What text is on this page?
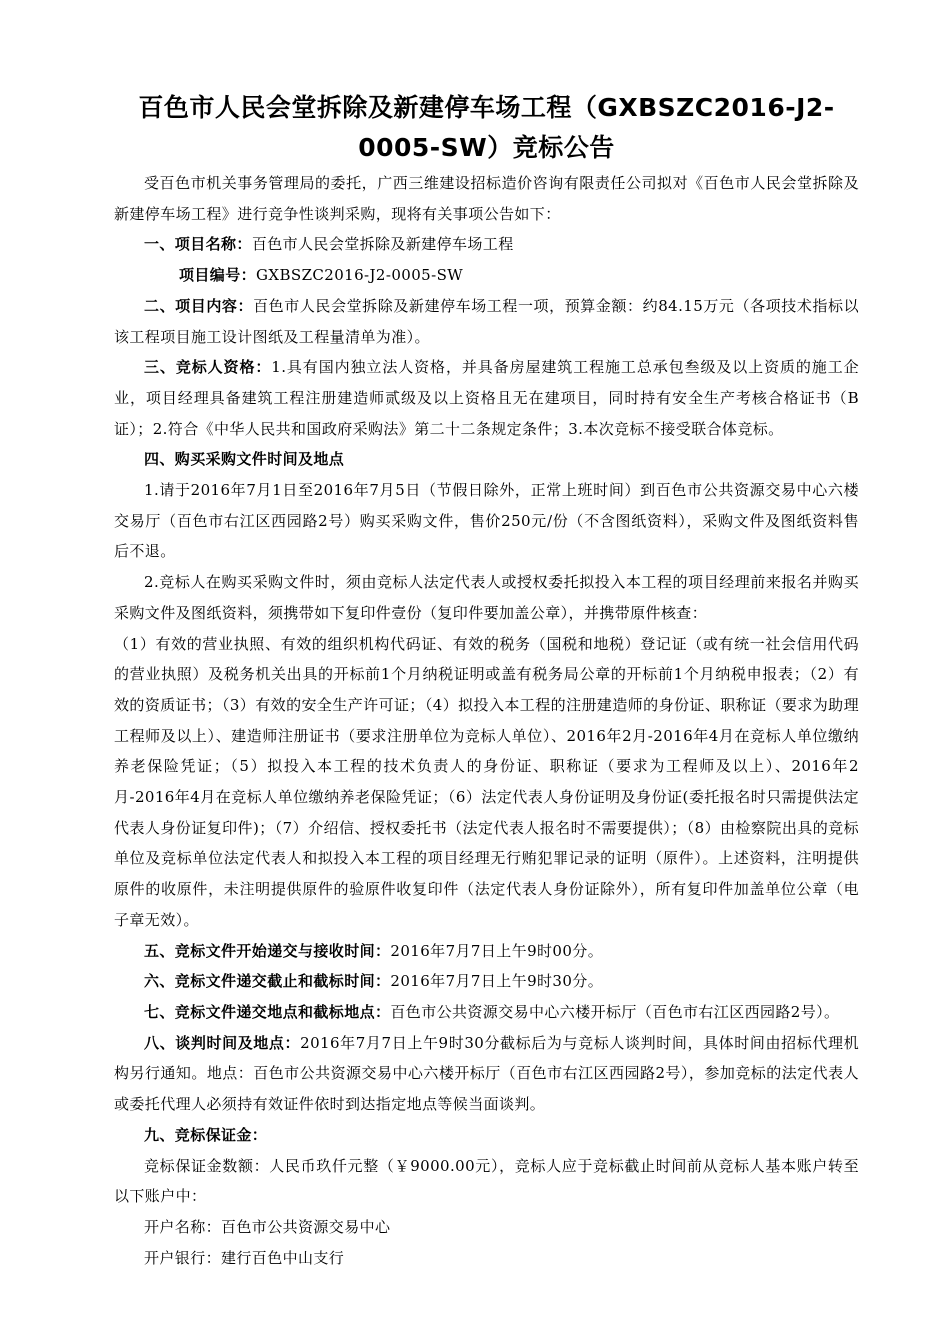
百色市人民会堂拆除及新建停车场工程（GXBSZC2016-J2-0005-SW）竞标公告

受百色市机关事务管理局的委托，广西三维建设招标造价咨询有限责任公司拟对《百色市人民会堂拆除及新建停车场工程》进行竞争性谈判采购，现将有关事项公告如下：

一、项目名称：百色市人民会堂拆除及新建停车场工程

项目编号：GXBSZC2016-J2-0005-SW

二、项目内容：百色市人民会堂拆除及新建停车场工程一项，预算金额：约84.15万元（各项技术指标以该工程项目施工设计图纸及工程量清单为准）。

三、竞标人资格：1.具有国内独立法人资格，并具备房屋建筑工程施工总承包叁级及以上资质的施工企业，项目经理具备建筑工程注册建造师贰级及以上资格且无在建项目，同时持有安全生产考核合格证书（B证）；2.符合《中华人民共和国政府采购法》第二十二条规定条件；3.本次竞标不接受联合体竞标。

四、购买采购文件时间及地点

1.请于2016年7月1日至2016年7月5日（节假日除外，正常上班时间）到百色市公共资源交易中心六楼交易厅（百色市右江区西园路2号）购买采购文件，售价250元/份（不含图纸资料），采购文件及图纸资料售后不退。

2.竞标人在购买采购文件时，须由竞标人法定代表人或授权委托拟投入本工程的项目经理前来报名并购买采购文件及图纸资料，须携带如下复印件壹份（复印件要加盖公章），并携带原件核查：

（1）有效的营业执照、有效的组织机构代码证、有效的税务（国税和地税）登记证（或有统一社会信用代码的营业执照）及税务机关出具的开标前1个月纳税证明或盖有税务局公章的开标前1个月纳税申报表；（2）有效的资质证书；（3）有效的安全生产许可证；（4）拟投入本工程的注册建造师的身份证、职称证（要求为助理工程师及以上）、建造师注册证书（要求注册单位为竞标人单位）、2016年2月-2016年4月在竞标人单位缴纳养老保险凭证；（5）拟投入本工程的技术负责人的身份证、职称证（要求为工程师及以上）、2016年2月-2016年4月在竞标人单位缴纳养老保险凭证；（6）法定代表人身份证明及身份证(委托报名时只需提供法定代表人身份证复印件)；（7）介绍信、授权委托书（法定代表人报名时不需要提供）；（8）由检察院出具的竞标单位及竞标单位法定代表人和拟投入本工程的项目经理无行贿犯罪记录的证明（原件）。上述资料，注明提供原件的收原件，未注明提供原件的验原件收复印件（法定代表人身份证除外），所有复印件加盖单位公章（电子章无效）。

五、竞标文件开始递交与接收时间：2016年7月7日上午9时00分。

六、竞标文件递交截止和截标时间：2016年7月7日上午9时30分。

七、竞标文件递交地点和截标地点：百色市公共资源交易中心六楼开标厅（百色市右江区西园路2号）。

八、谈判时间及地点：2016年7月7日上午9时30分截标后为与竞标人谈判时间，具体时间由招标代理机构另行通知。地点：百色市公共资源交易中心六楼开标厅（百色市右江区西园路2号），参加竞标的法定代表人或委托代理人必须持有效证件依时到达指定地点等候当面谈判。

九、竞标保证金：

竞标保证金数额：人民币玖仟元整（￥9000.00元），竞标人应于竞标截止时间前从竞标人基本账户转至以下账户中：

开户名称：百色市公共资源交易中心

开户银行：建行百色中山支行
